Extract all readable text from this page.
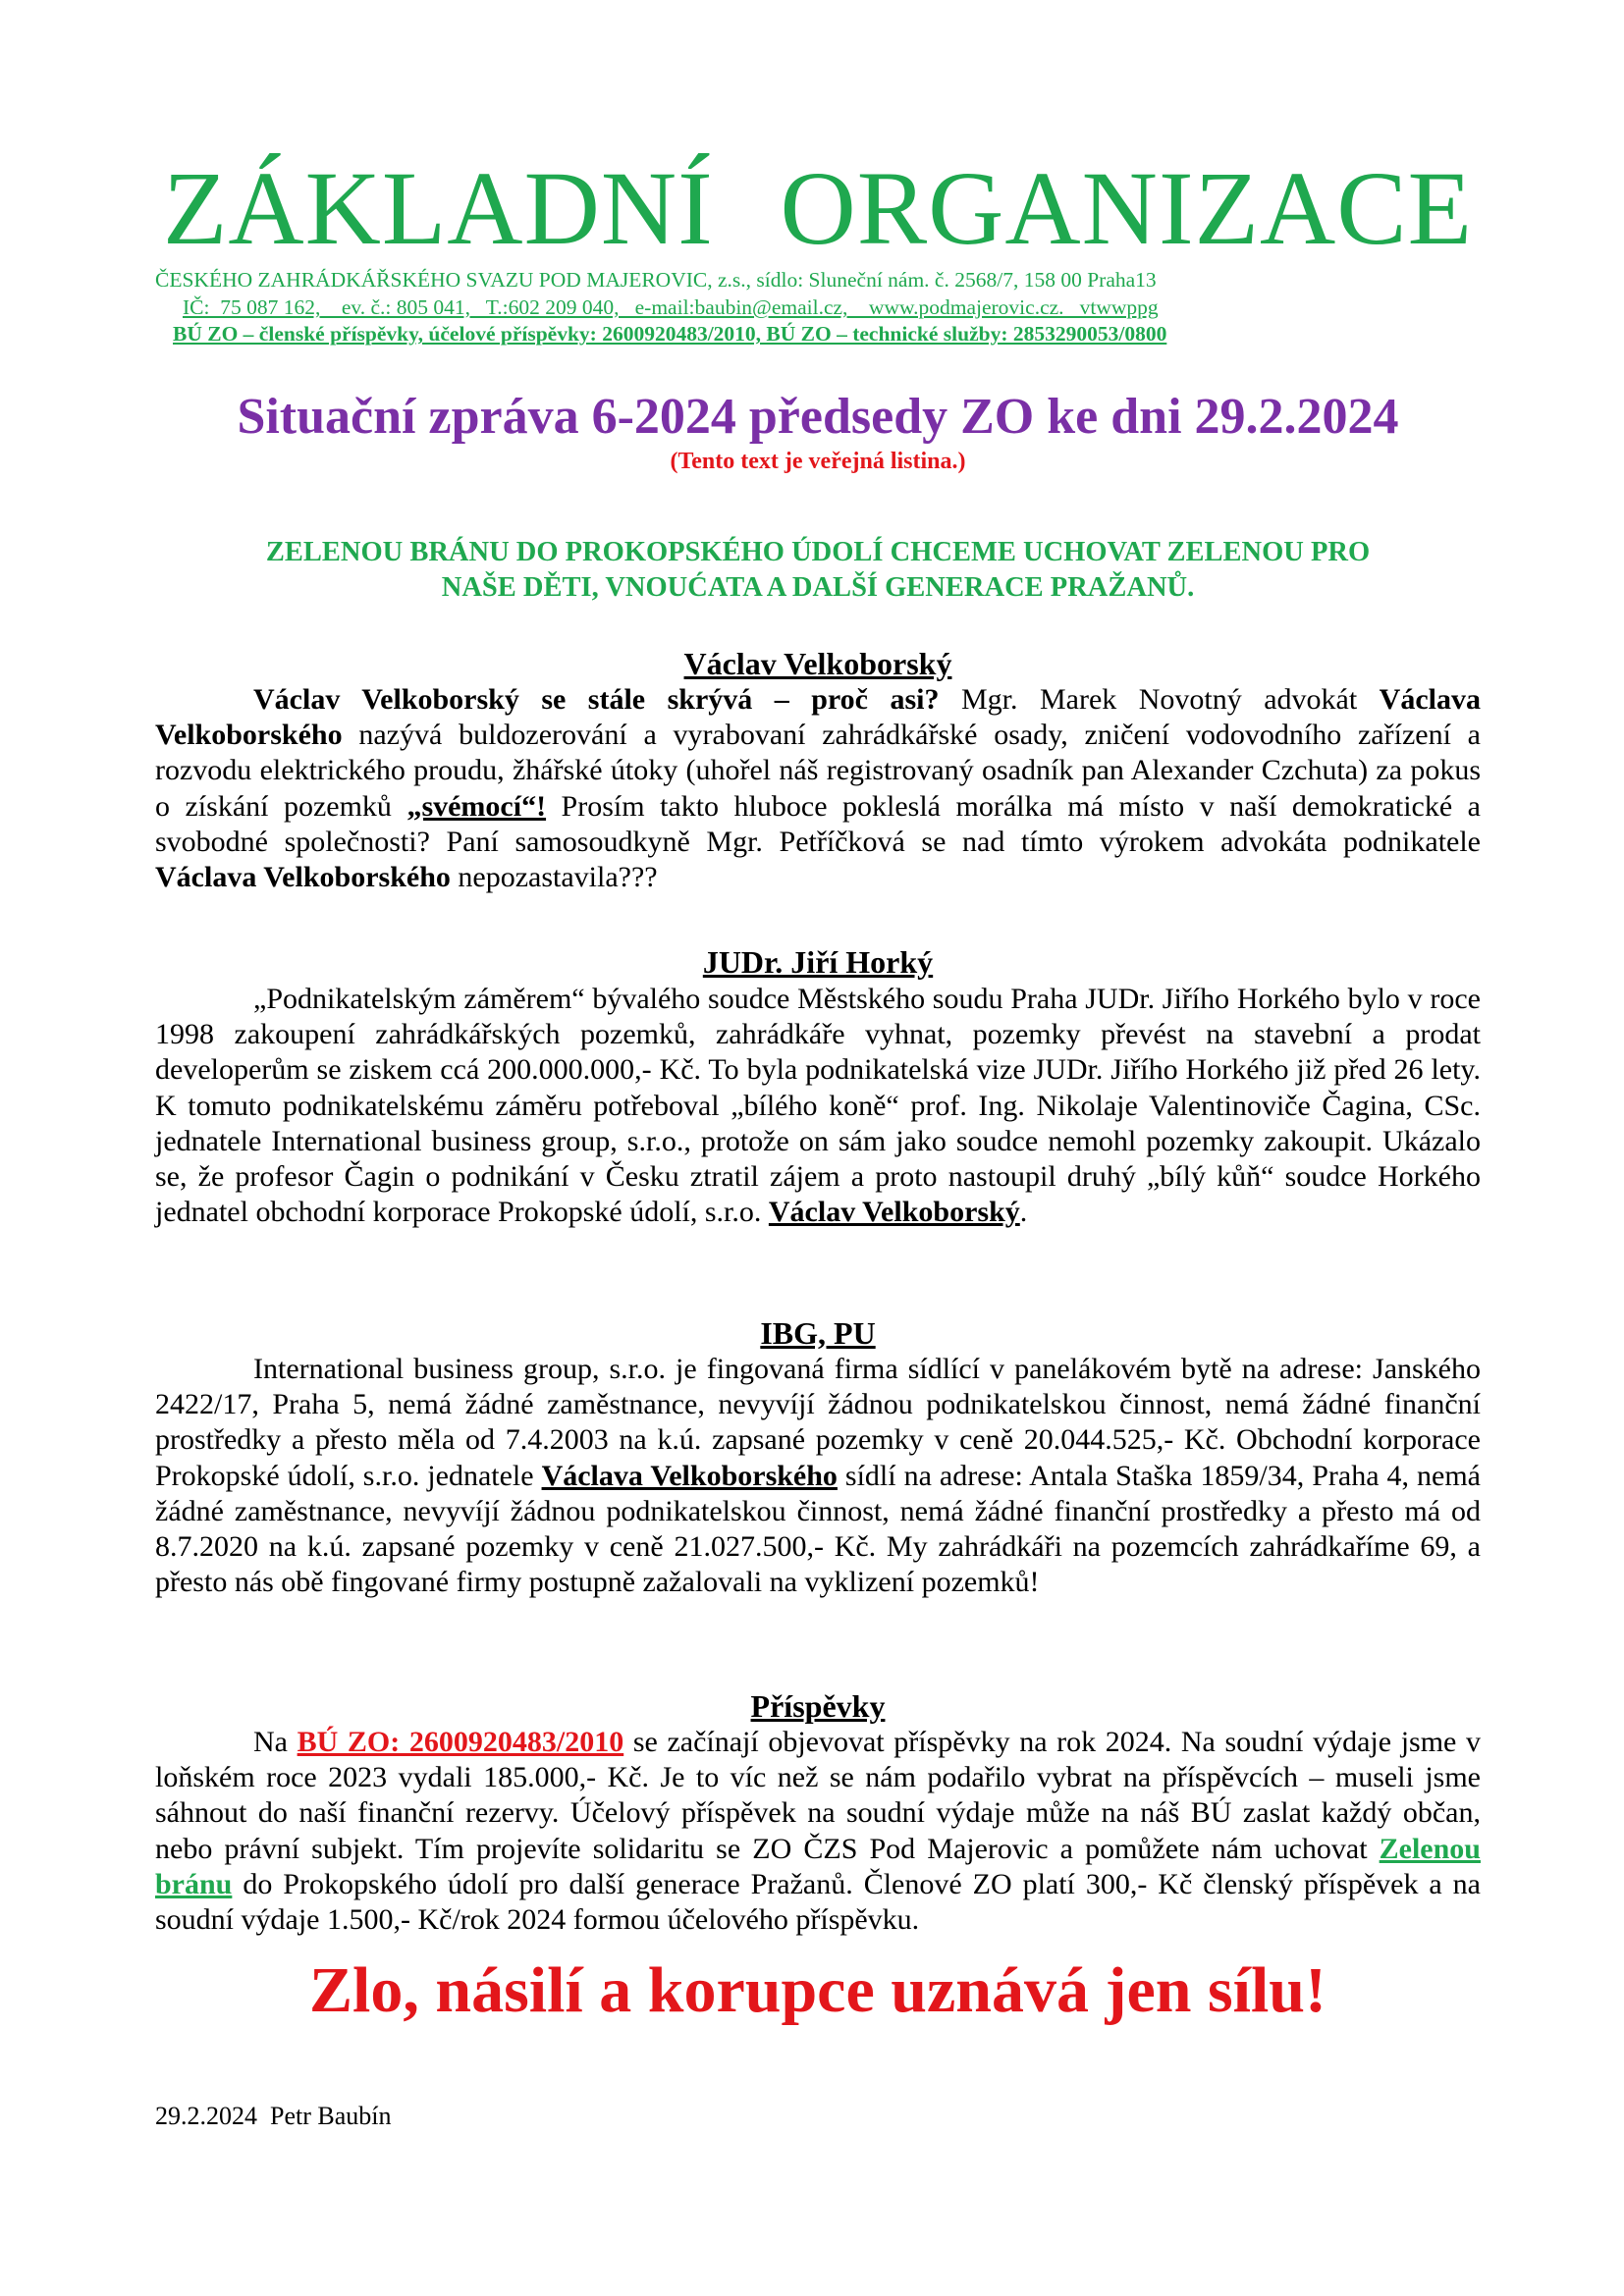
ZÁKLADNÍ ORGANIZACE
ČESKÉHO ZAHRÁDKÁŘSKÉHO SVAZU POD MAJEROVIC, z.s., sídlo: Sluneční nám. č. 2568/7, 158 00 Praha13
IČ:  75 087 162,    ev. č.: 805 041,   T.:602 209 040,   e-mail:baubin@email.cz,    www.podmajerovic.cz.   vtwwppg
BÚ ZO – členské příspěvky, účelové příspěvky: 2600920483/2010, BÚ ZO – technické služby: 2853290053/0800
Situační zpráva 6-2024 předsedy ZO ke dni 29.2.2024
(Tento text je veřejná listina.)
ZELENOU BRÁNU DO PROKOPSKÉHO ÚDOLÍ CHCEME UCHOVAT ZELENOU PRO
NAŠE DĚTI, VNOUĆATA A DALŠÍ GENERACE PRAŽANŮ.
Václav Velkoborský
Václav Velkoborský se stále skrývá – proč asi? Mgr. Marek Novotný advokát Václava Velkoborského nazývá buldozerování a vyrabovaní zahrádkářské osady, zničení vodovodního zařízení a rozvodu elektrického proudu, žhářské útoky (uhořel náš registrovaný osadník pan Alexander Czchuta) za pokus o získání pozemků „svémocí“! Prosím takto hluboce pokleslá morálka má místo v naší demokratické a svobodné společnosti? Paní samosoudkyně Mgr. Petříčková se nad tímto výrokem advokáta podnikatele Václava Velkoborského nepozastavila???
JUDr. Jiří Horký
„Podnikatelským záměrem“ bývalého soudce Městského soudu Praha JUDr. Jiřího Horkého bylo v roce 1998 zakoupení zahrádkářských pozemků, zahrádkáře vyhnat, pozemky převést na stavební a prodat developerům se ziskem ccá 200.000.000,- Kč. To byla podnikatelská vize JUDr. Jiřího Horkého již před 26 lety. K tomuto podnikatelskému záměru potřeboval „bílého koně“ prof. Ing. Nikolaje Valentinoviče Čagina, CSc. jednatele International business group, s.r.o., protože on sám jako soudce nemohl pozemky zakoupit. Ukázalo se, že profesor Čagin o podnikání v Česku ztratil zájem a proto nastoupil druhý „bílý kůň“ soudce Horkého jednatel obchodní korporace Prokopské údolí, s.r.o. Václav Velkoborský.
IBG, PU
International business group, s.r.o. je fingovaná firma sídlící v panelákovém bytě na adrese: Janského 2422/17, Praha 5, nemá žádné zaměstnance, nevyvíjí žádnou podnikatelskou činnost, nemá žádné finanční prostředky a přesto měla od 7.4.2003 na k.ú. zapsané pozemky v ceně 20.044.525,- Kč. Obchodní korporace Prokopské údolí, s.r.o. jednatele Václava Velkoborského sídlí na adrese: Antala Staška 1859/34, Praha 4, nemá žádné zaměstnance, nevyvíjí žádnou podnikatelskou činnost, nemá žádné finanční prostředky a přesto má od 8.7.2020 na k.ú. zapsané pozemky v ceně 21.027.500,- Kč. My zahrádkáři na pozemcích zahrádkaříme 69, a přesto nás obě fingované firmy postupně zažalovali na vyklizení pozemků!
Příspěvky
Na BÚ ZO: 2600920483/2010 se začínají objevovat příspěvky na rok 2024. Na soudní výdaje jsme v loňském roce 2023 vydali 185.000,- Kč. Je to víc než se nám podařilo vybrat na příspěvcích – museli jsme sáhnout do naší finanční rezervy. Účelový příspěvek na soudní výdaje může na náš BÚ zaslat každý občan, nebo právní subjekt. Tím projevíte solidaritu se ZO ČZS Pod Majerovic a pomůžete nám uchovat Zelenou bránu do Prokopského údolí pro další generace Pražanů. Členové ZO platí 300,- Kč členský příspěvek a na soudní výdaje 1.500,- Kč/rok 2024 formou účelového příspěvku.
Zlo, násilí a korupce uznává jen sílu!
29.2.2024  Petr Baubín
